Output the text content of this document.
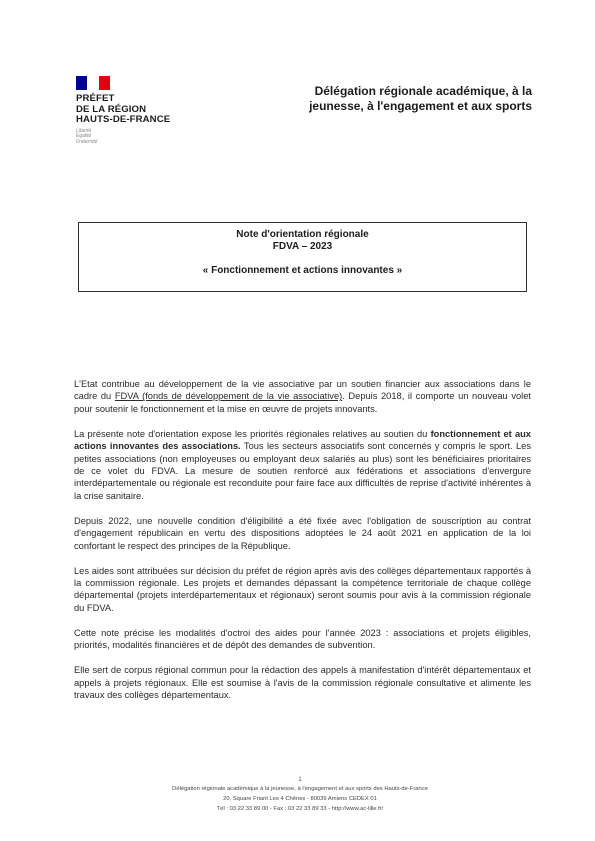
PRÉFET
DE LA RÉGION
HAUTS-DE-FRANCE
Liberté
Égalité
Fraternité
Délégation régionale académique, à la
jeunesse, à l'engagement et aux sports
Note d'orientation régionale
FDVA – 2023
« Fonctionnement et actions innovantes »

L'Etat contribue au développement de la vie associative par un soutien financier aux associations dans le cadre du FDVA (fonds de développement de la vie associative). Depuis 2018, il comporte un nouveau volet pour soutenir le fonctionnement et la mise en œuvre de projets innovants.

La présente note d'orientation expose les priorités régionales relatives au soutien du fonctionnement et aux actions innovantes des associations. Tous les secteurs associatifs sont concernés y compris le sport. Les petites associations (non employeuses ou employant deux salariés au plus) sont les bénéficiaires prioritaires de ce volet du FDVA. La mesure de soutien renforcé aux fédérations et associations d'envergure interdépartementale ou régionale est reconduite pour faire face aux difficultés de reprise d'activité inhérentes à la crise sanitaire.

Depuis 2022, une nouvelle condition d'éligibilité a été fixée avec l'obligation de souscription au contrat d'engagement républicain en vertu des dispositions adoptées le 24 août 2021 en application de la loi confortant le respect des principes de la République.

Les aides sont attribuées sur décision du préfet de région après avis des collèges départementaux rapportés à la commission régionale. Les projets et demandes dépassant la compétence territoriale de chaque collège départemental (projets interdépartementaux et régionaux) seront soumis pour avis à la commission régionale du FDVA.

Cette note précise les modalités d'octroi des aides pour l'année 2023 : associations et projets éligibles, priorités, modalités financières et de dépôt des demandes de subvention.

Elle sert de corpus régional commun pour la rédaction des appels à manifestation d'intérêt départementaux et appels à projets régionaux. Elle est soumise à l'avis de la commission régionale consultative et alimente les travaux des collèges départementaux.

1
Délégation régionale académique à la jeunesse, à l'engagement et aux sports des Hauts-de-France
20, Square Friant Les 4 Chênes - 80039 Amiens CEDEX 01
Tél : 03 22 33 89 00 - Fax : 03 22 33 89 33 - http://www.ac-lille.fr/
